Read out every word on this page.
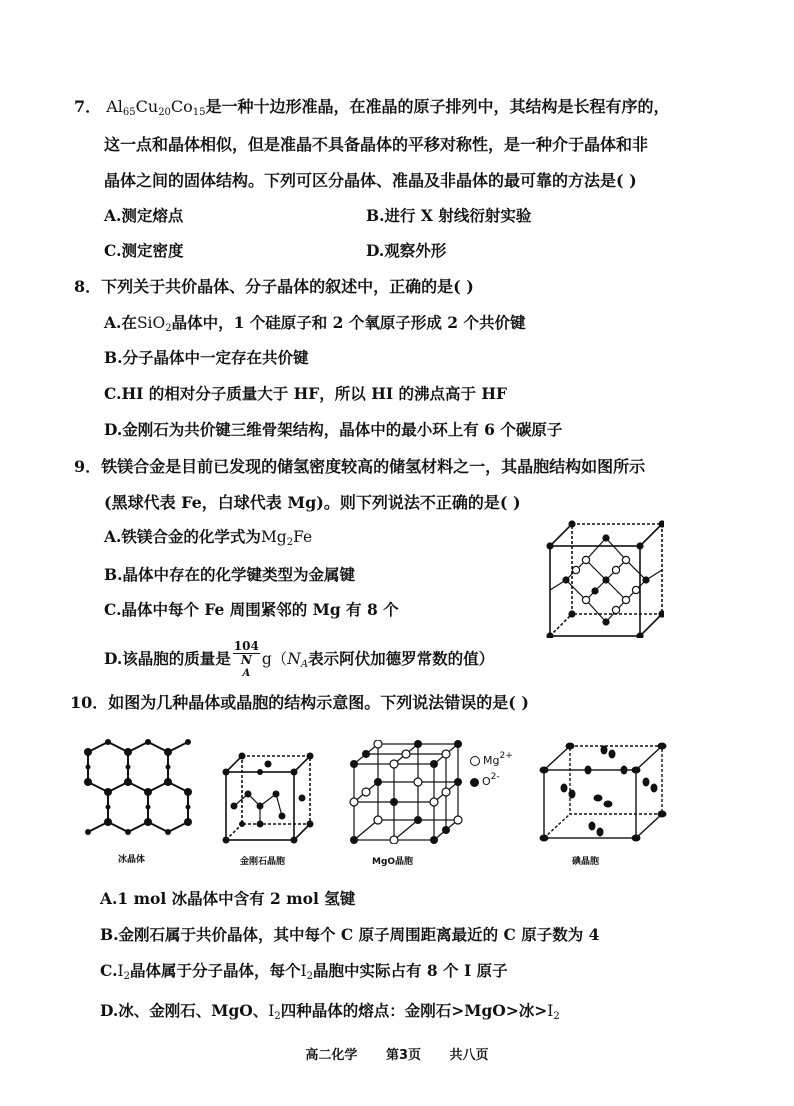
7． $Al_{65}Cu_{20}Co_{15}$是一种十边形准晶，在准晶的原子排列中，其结构是长程有序的，
这一点和晶体相似，但是准晶不具备晶体的平移对称性，是一种介于晶体和非
晶体之间的固体结构。下列可区分晶体、准晶及非晶体的最可靠的方法是( )
A.测定熔点	B.进行 X 射线衍射实验
C.测定密度	D.观察外形
8．下列关于共价晶体、分子晶体的叙述中，正确的是( )
A.在SiO$_2$晶体中，1 个硅原子和 2 个氧原子形成 2 个共价键
B.分子晶体中一定存在共价键
C.HI 的相对分子质量大于 HF，所以 HI 的沸点高于 HF
D.金刚石为共价键三维骨架结构，晶体中的最小环上有 6 个碳原子
9．铁镁合金是目前已发现的储氢密度较高的储氢材料之一，其晶胞结构如图所示
(黑球代表 Fe，白球代表 Mg)。则下列说法不正确的是( )
A.铁镁合金的化学式为$Mg_2Fe$
B.晶体中存在的化学键类型为金属键
C.晶体中每个 Fe 周围紧邻的 Mg 有 8 个
D.该晶胞的质量是 104
N
A $g(N_A$表示阿伏加德罗常数的值）
10．如图为几种晶体或晶胞的结构示意图。下列说法错误的是( )
冰晶体	金刚石晶胞	MgO晶胞
$Mg^{2+}$
$O^{2-}$
碘晶胞
A.1 mol 冰晶体中含有 2 mol 氢键
B.金刚石属于共价晶体，其中每个 C 原子周围距离最近的 C 原子数为 4
$C.I_2$晶体属于分子晶体，每个$I_2$晶胞中实际占有 8 个 I 原子
D.冰、金刚石、MgO、$I_2$四种晶体的熔点：金刚石>MgO>冰$>I_2$
高二化学 第3页 共八页
